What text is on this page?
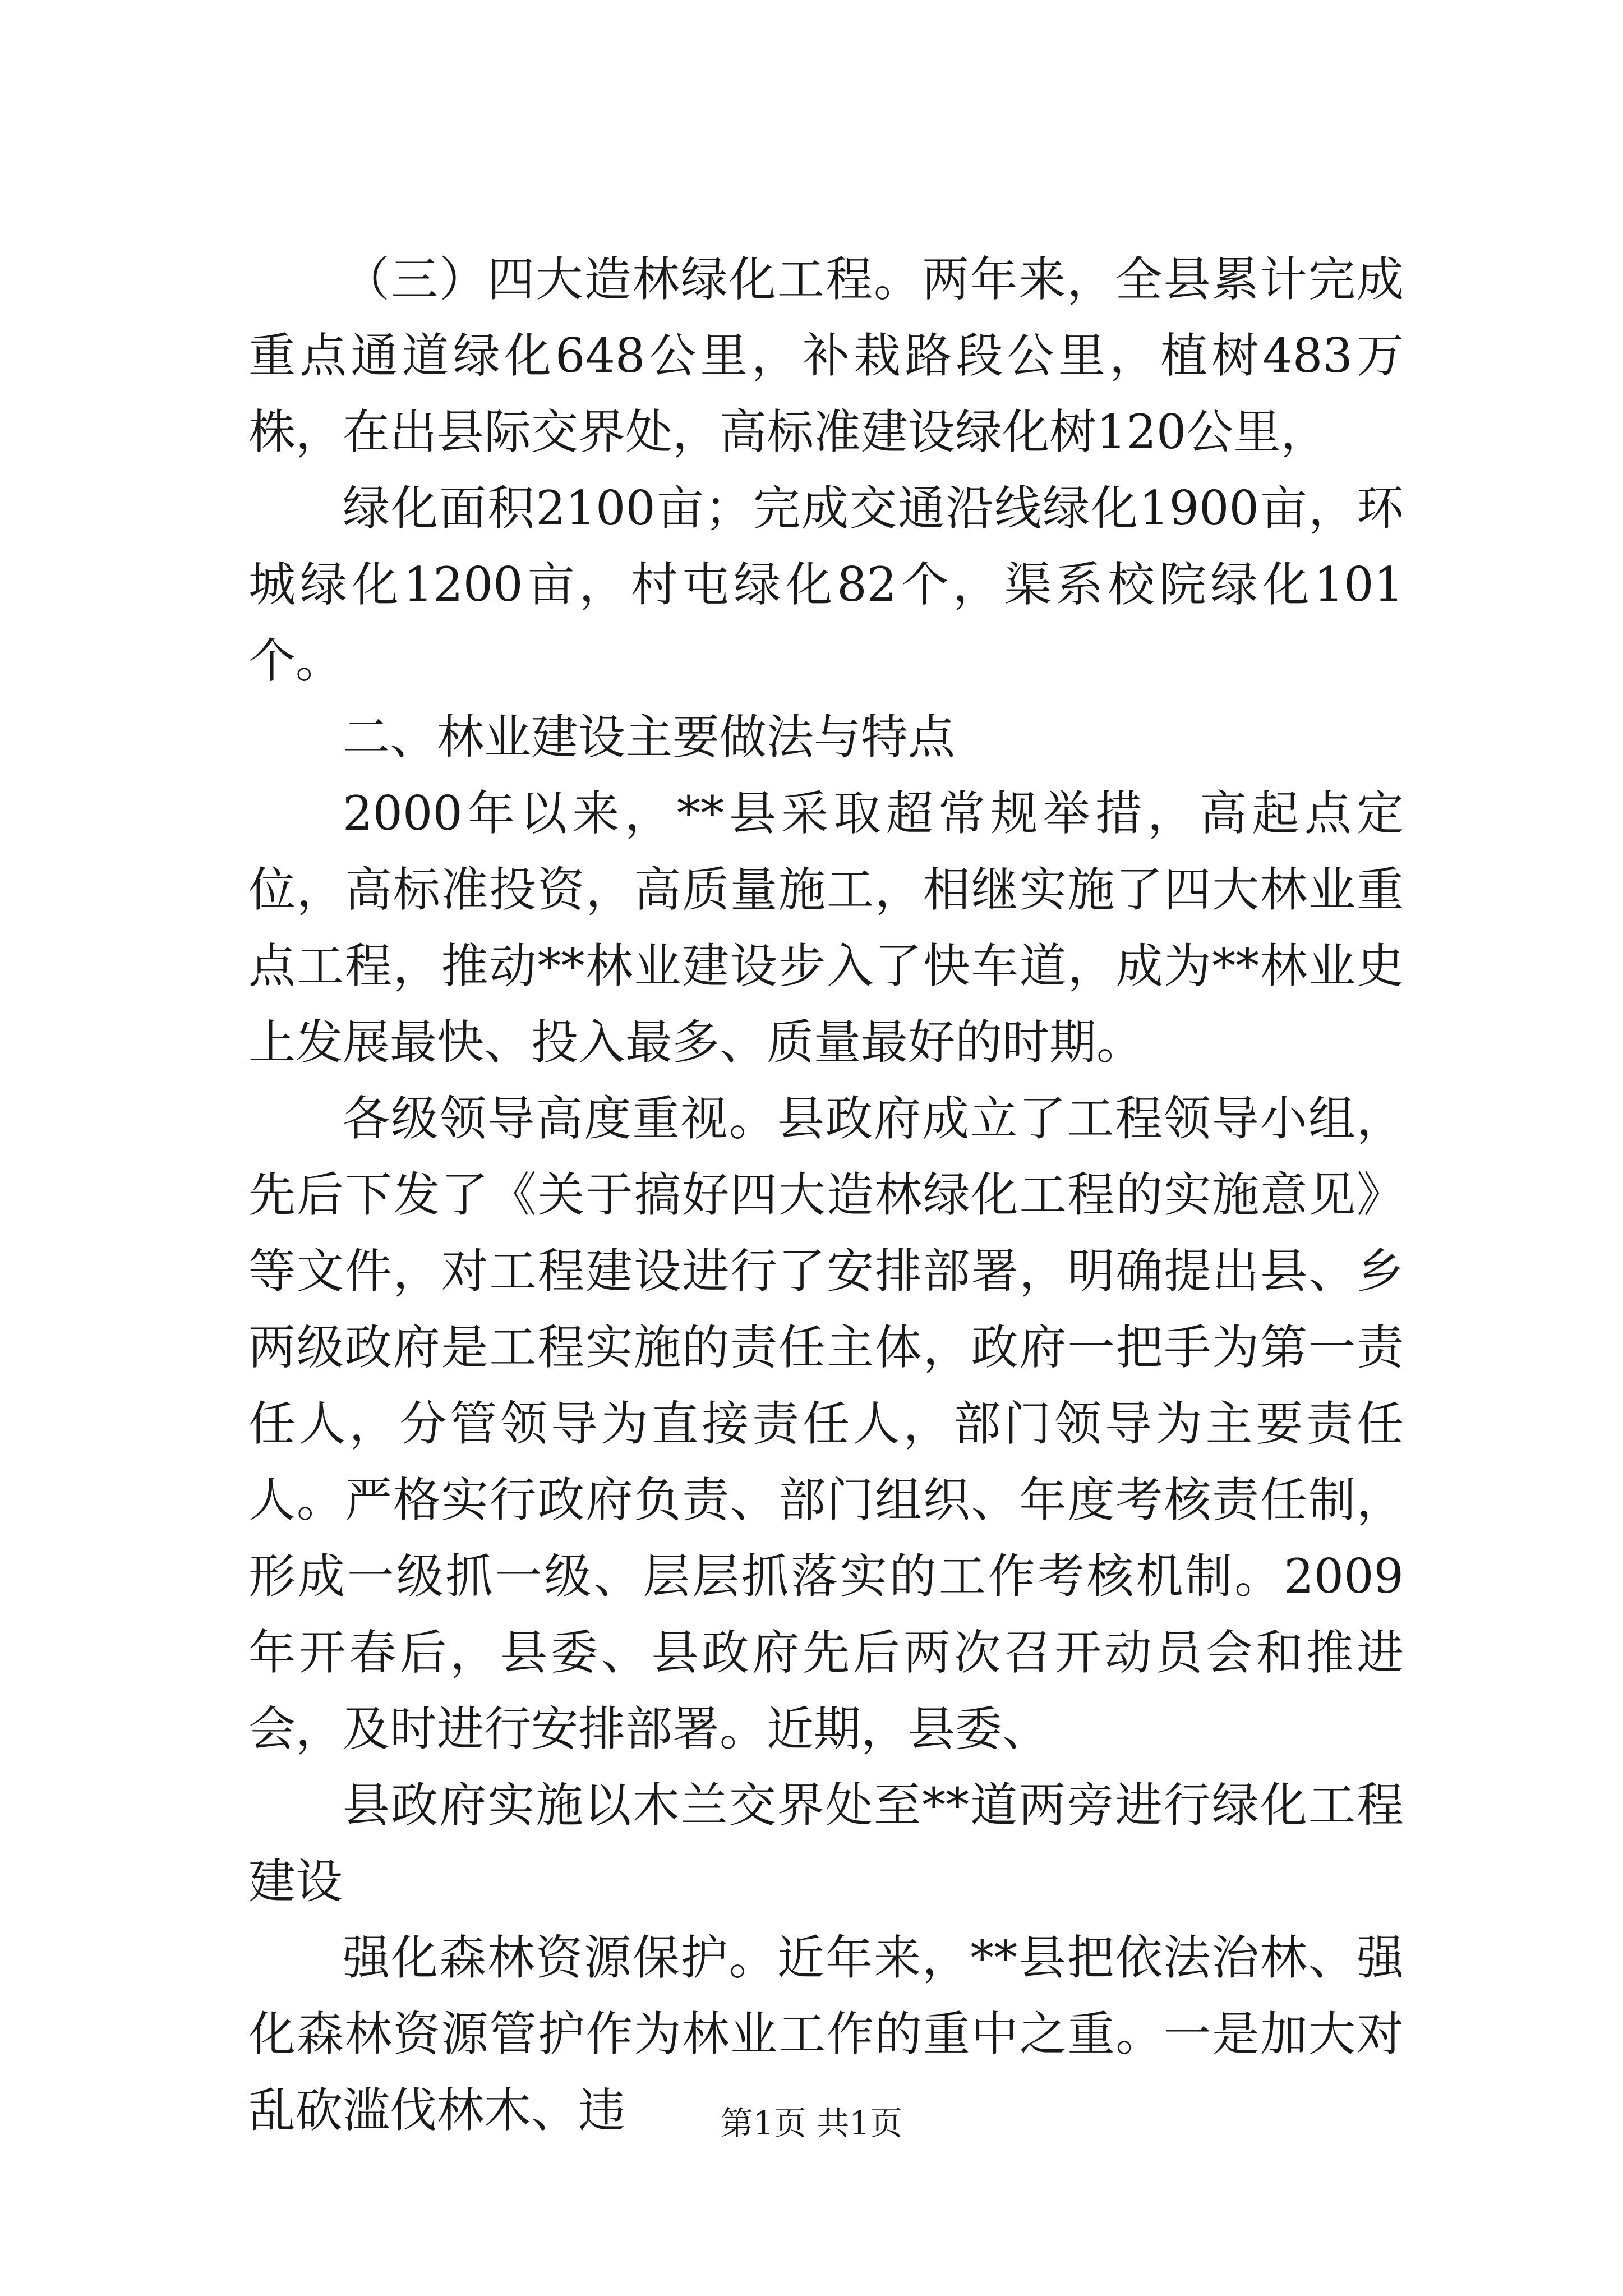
（三）四大造林绿化工程。两年来，全县累计完成重点通道绿化648公里，补栽路段公里，植树483万株，在出县际交界处，高标准建设绿化树120公里，

绿化面积2100亩；完成交通沿线绿化1900亩，环城绿化1200亩，村屯绿化82个，渠系校院绿化101个。

二、林业建设主要做法与特点

2000年以来，**县采取超常规举措，高起点定位，高标准投资，高质量施工，相继实施了四大林业重点工程，推动**林业建设步入了快车道，成为**林业史上发展最快、投入最多、质量最好的时期。

各级领导高度重视。县政府成立了工程领导小组，先后下发了《关于搞好四大造林绿化工程的实施意见》等文件，对工程建设进行了安排部署，明确提出县、乡两级政府是工程实施的责任主体，政府一把手为第一责任人，分管领导为直接责任人，部门领导为主要责任人。严格实行政府负责、部门组织、年度考核责任制，形成一级抓一级、层层抓落实的工作考核机制。2009年开春后，县委、县政府先后两次召开动员会和推进会，及时进行安排部署。近期，县委、

县政府实施以木兰交界处至**道两旁进行绿化工程建设

强化森林资源保护。近年来，**县把依法治林、强化森林资源管护作为林业工作的重中之重。一是加大对乱砍滥伐林木、违	第1页 共1页
